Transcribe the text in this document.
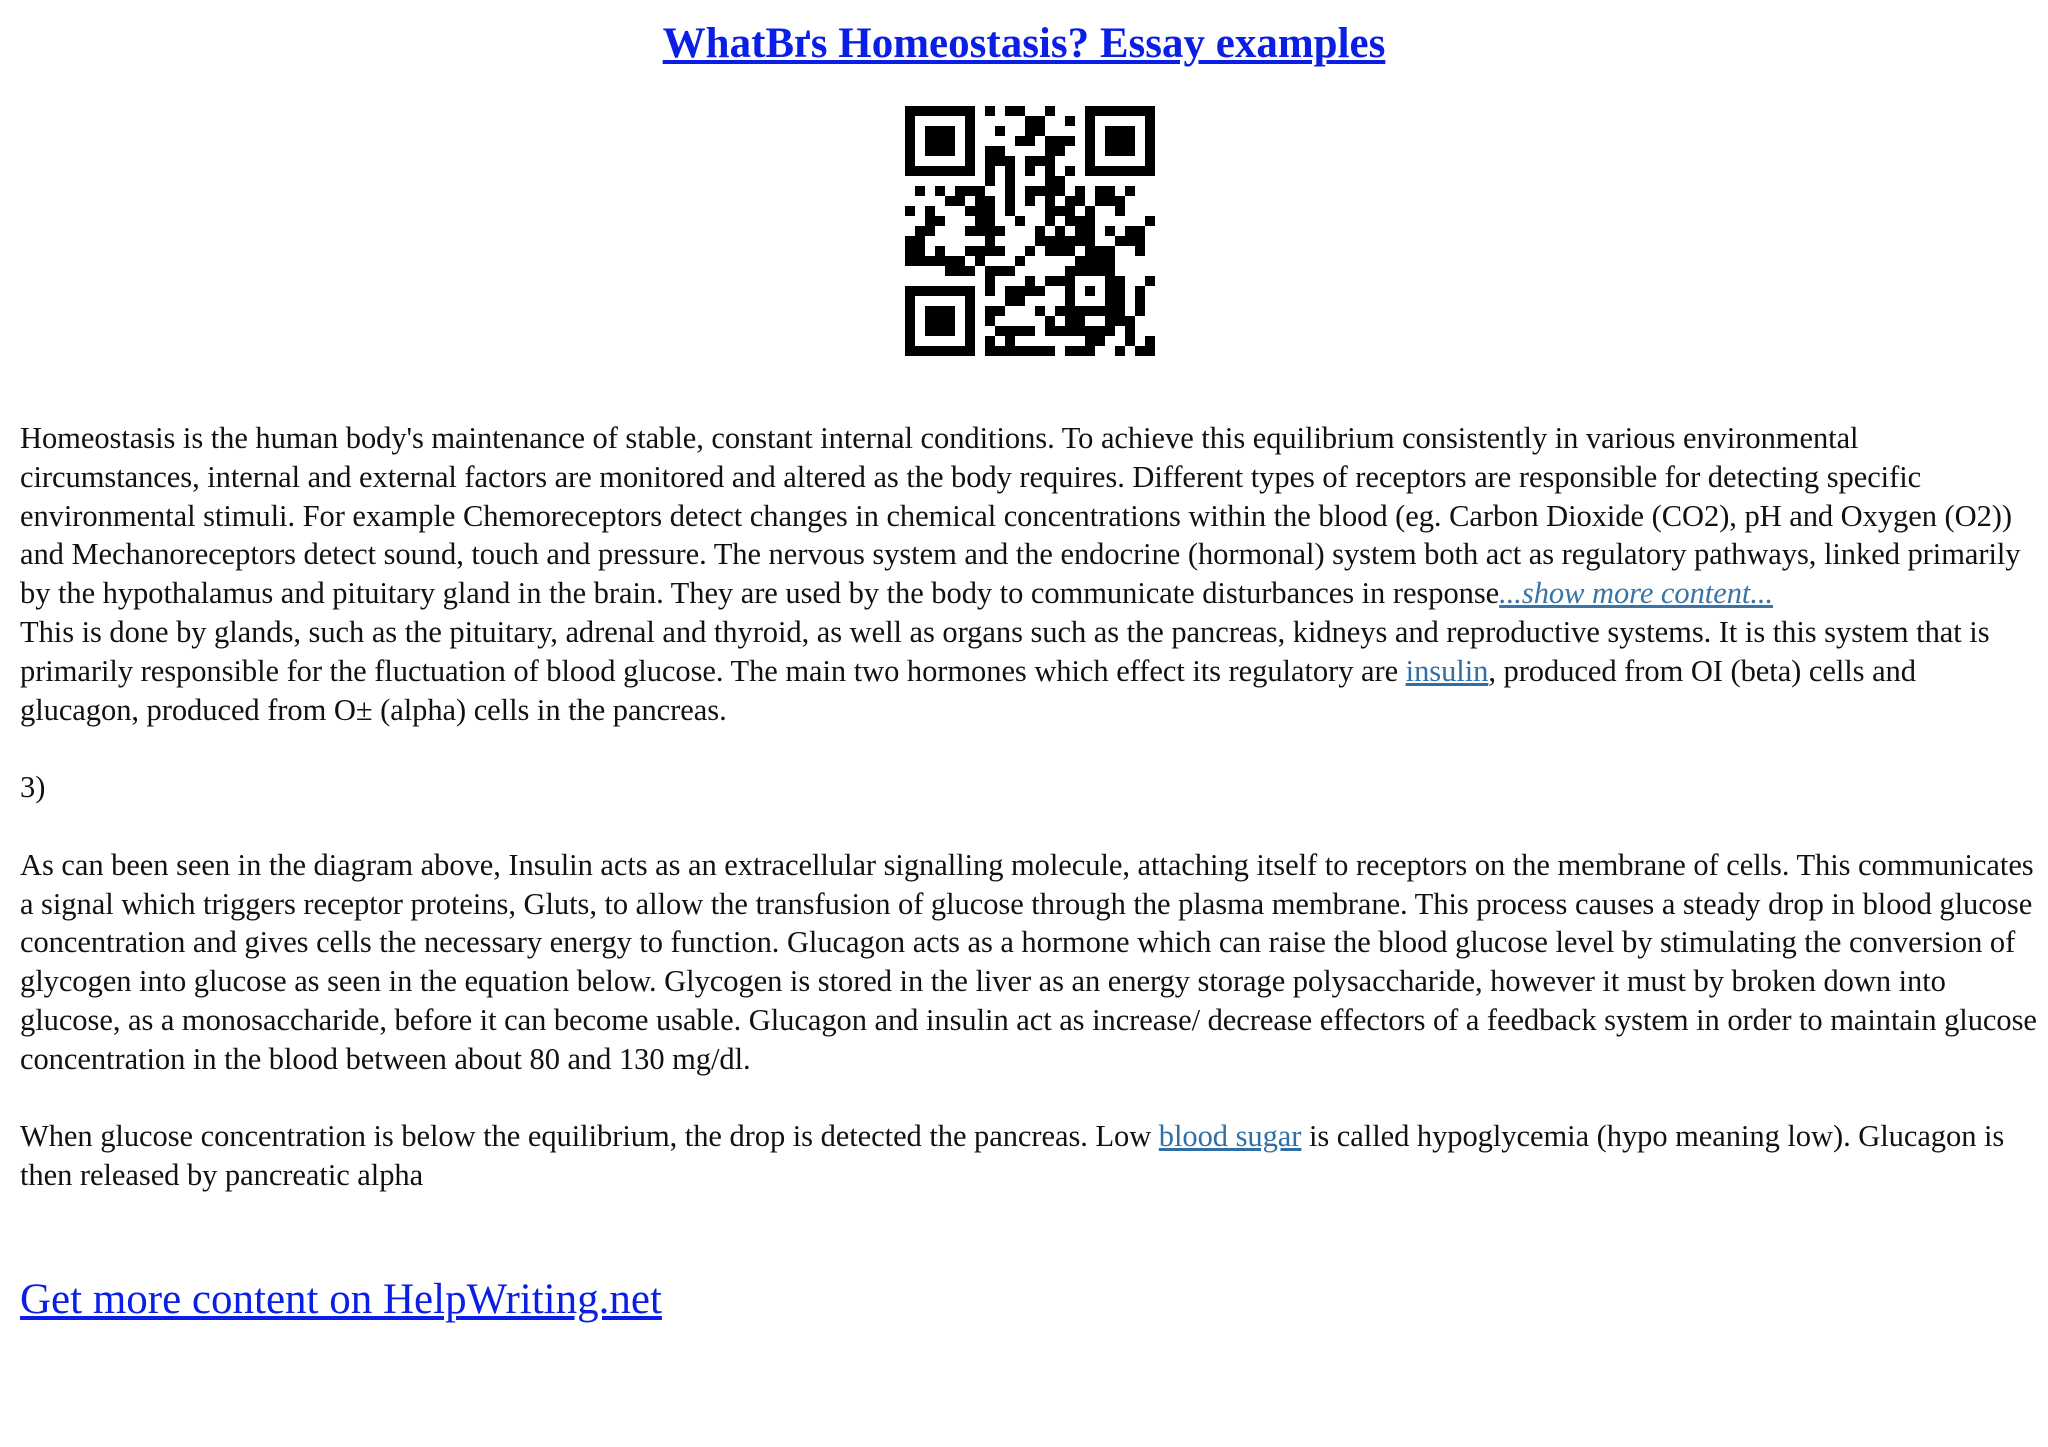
WhatВґs Homeostasis? Essay examples

Homeostasis is the human body's maintenance of stable, constant internal conditions. To achieve this equilibrium consistently in various environmental circumstances, internal and external factors are monitored and altered as the body requires. Different types of receptors are responsible for detecting specific environmental stimuli. For example Chemoreceptors detect changes in chemical concentrations within the blood (eg. Carbon Dioxide (CO2), pH and Oxygen (O2)) and Mechanoreceptors detect sound, touch and pressure. The nervous system and the endocrine (hormonal) system both act as regulatory pathways, linked primarily by the hypothalamus and pituitary gland in the brain. They are used by the body to communicate disturbances in response...show more content...

This is done by glands, such as the pituitary, adrenal and thyroid, as well as organs such as the pancreas, kidneys and reproductive systems. It is this system that is primarily responsible for the fluctuation of blood glucose. The main two hormones which effect its regulatory are insulin, produced from ОІ (beta) cells and glucagon, produced from О± (alpha) cells in the pancreas.

3)

As can been seen in the diagram above, Insulin acts as an extracellular signalling molecule, attaching itself to receptors on the membrane of cells. This communicates a signal which triggers receptor proteins, Gluts, to allow the transfusion of glucose through the plasma membrane. This process causes a steady drop in blood glucose concentration and gives cells the necessary energy to function. Glucagon acts as a hormone which can raise the blood glucose level by stimulating the conversion of glycogen into glucose as seen in the equation below. Glycogen is stored in the liver as an energy storage polysaccharide, however it must by broken down into glucose, as a monosaccharide, before it can become usable. Glucagon and insulin act as increase/ decrease effectors of a feedback system in order to maintain glucose concentration in the blood between about 80 and 130 mg/dl.

When glucose concentration is below the equilibrium, the drop is detected the pancreas. Low blood sugar is called hypoglycemia (hypo meaning low). Glucagon is then released by pancreatic alpha

Get more content on HelpWriting.net
